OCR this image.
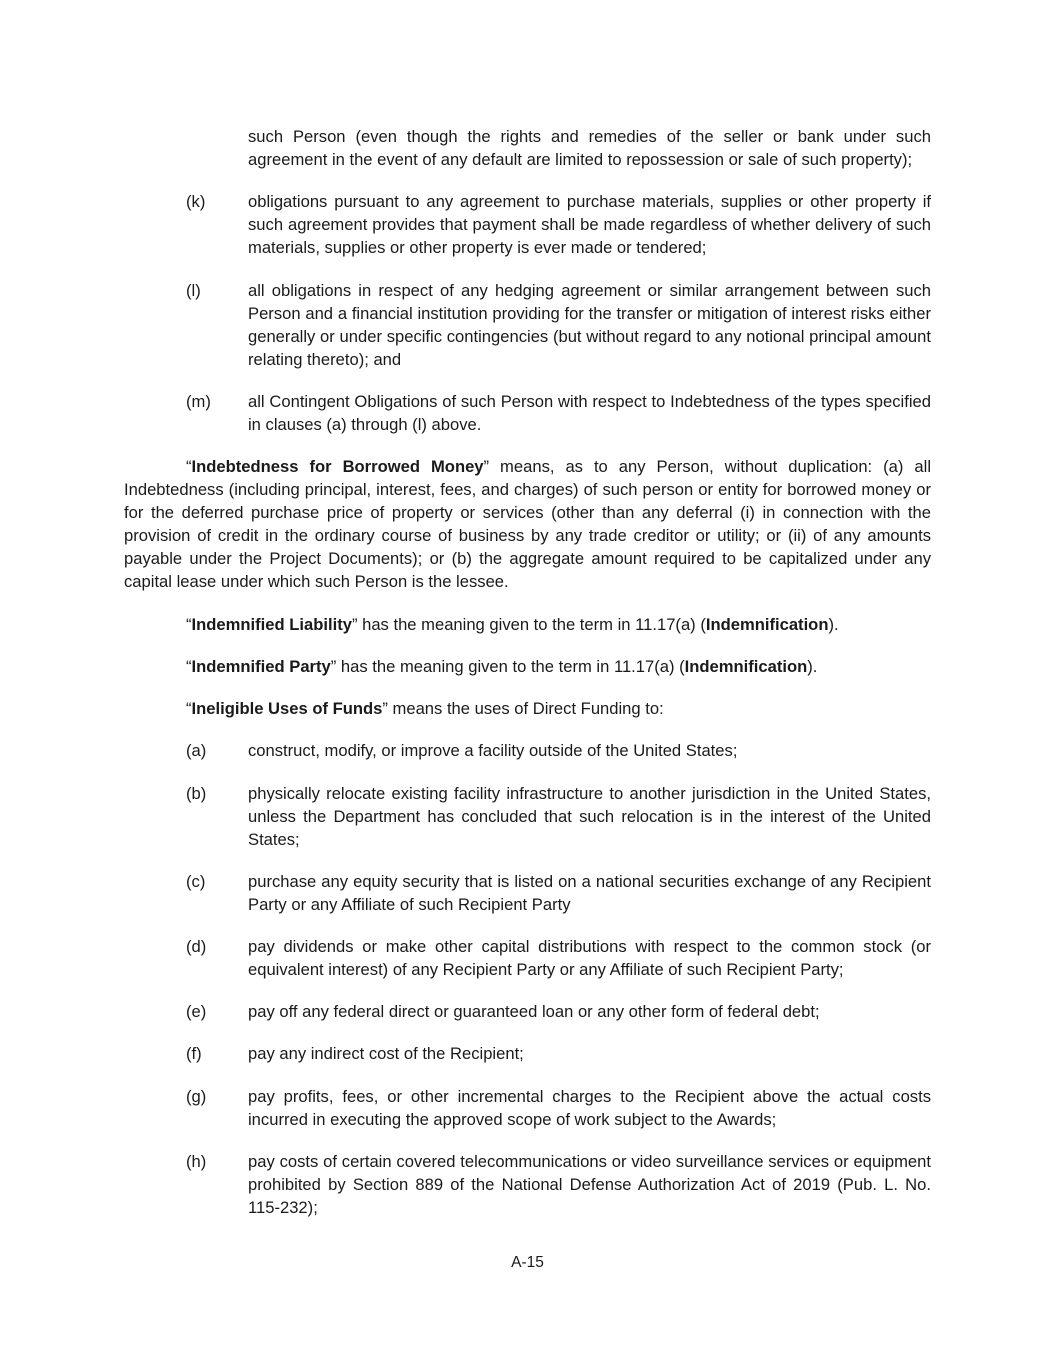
such Person (even though the rights and remedies of the seller or bank under such agreement in the event of any default are limited to repossession or sale of such property);
(k)	obligations pursuant to any agreement to purchase materials, supplies or other property if such agreement provides that payment shall be made regardless of whether delivery of such materials, supplies or other property is ever made or tendered;
(l)	all obligations in respect of any hedging agreement or similar arrangement between such Person and a financial institution providing for the transfer or mitigation of interest risks either generally or under specific contingencies (but without regard to any notional principal amount relating thereto); and
(m)	all Contingent Obligations of such Person with respect to Indebtedness of the types specified in clauses (a) through (l) above.
“Indebtedness for Borrowed Money” means, as to any Person, without duplication: (a) all Indebtedness (including principal, interest, fees, and charges) of such person or entity for borrowed money or for the deferred purchase price of property or services (other than any deferral (i) in connection with the provision of credit in the ordinary course of business by any trade creditor or utility; or (ii) of any amounts payable under the Project Documents); or (b) the aggregate amount required to be capitalized under any capital lease under which such Person is the lessee.
“Indemnified Liability” has the meaning given to the term in 11.17(a) (Indemnification).
“Indemnified Party” has the meaning given to the term in 11.17(a) (Indemnification).
“Ineligible Uses of Funds” means the uses of Direct Funding to:
(a)	construct, modify, or improve a facility outside of the United States;
(b)	physically relocate existing facility infrastructure to another jurisdiction in the United States, unless the Department has concluded that such relocation is in the interest of the United States;
(c)	purchase any equity security that is listed on a national securities exchange of any Recipient Party or any Affiliate of such Recipient Party
(d)	pay dividends or make other capital distributions with respect to the common stock (or equivalent interest) of any Recipient Party or any Affiliate of such Recipient Party;
(e)	pay off any federal direct or guaranteed loan or any other form of federal debt;
(f)	pay any indirect cost of the Recipient;
(g)	pay profits, fees, or other incremental charges to the Recipient above the actual costs incurred in executing the approved scope of work subject to the Awards;
(h)	pay costs of certain covered telecommunications or video surveillance services or equipment prohibited by Section 889 of the National Defense Authorization Act of 2019 (Pub. L. No. 115-232);
A-15
